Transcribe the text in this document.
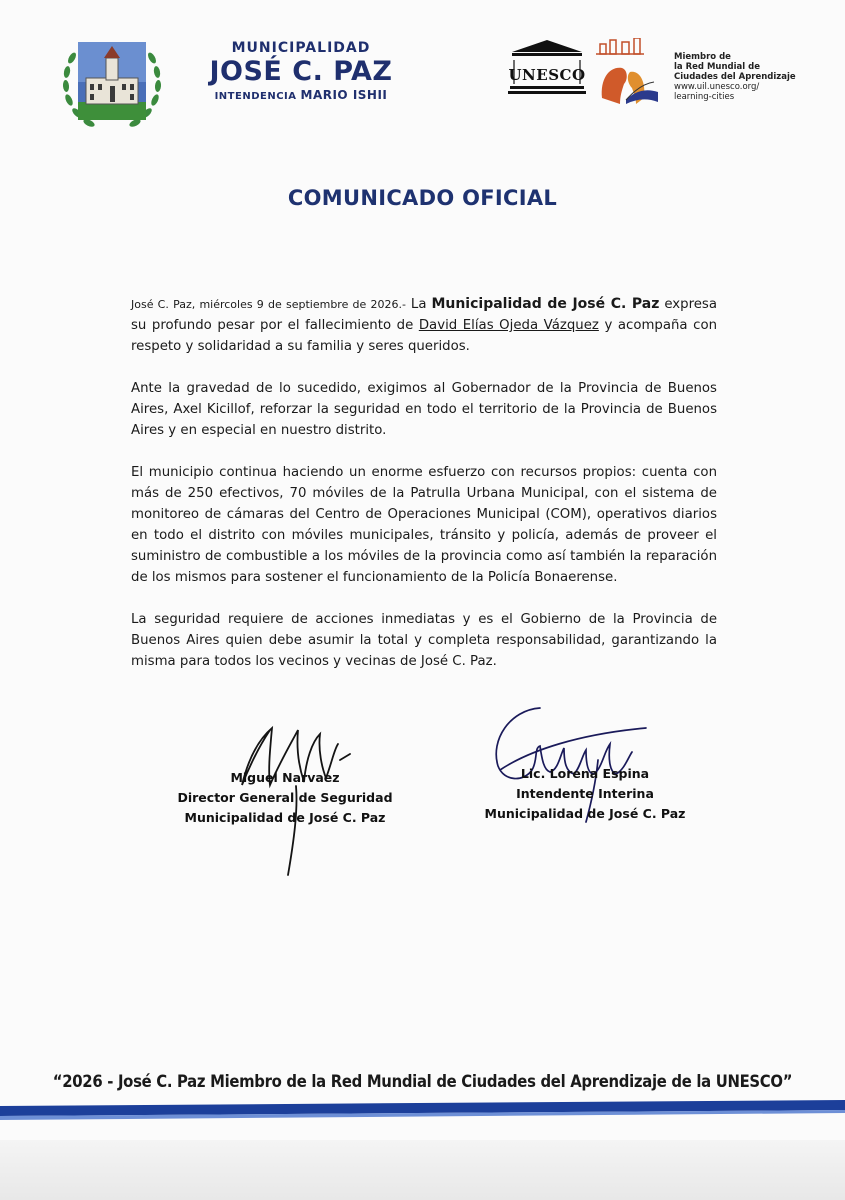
MUNICIPALIDAD
JOSÉ C. PAZ
INTENDENCIA MARIO ISHII
UNESCO
Miembro de
la Red Mundial de
Ciudades del Aprendizaje
www.uil.unesco.org/
learning-cities
COMUNICADO OFICIAL

José C. Paz, miércoles 9 de septiembre de 2026.- La Municipalidad de José C. Paz expresa su profundo pesar por el fallecimiento de David Elías Ojeda Vázquez y acompaña con respeto y solidaridad a su familia y seres queridos.

Ante la gravedad de lo sucedido, exigimos al Gobernador de la Provincia de Buenos Aires, Axel Kicillof, reforzar la seguridad en todo el territorio de la Provincia de Buenos Aires y en especial en nuestro distrito.

El municipio continua haciendo un enorme esfuerzo con recursos propios: cuenta con más de 250 efectivos, 70 móviles de la Patrulla Urbana Municipal, con el sistema de monitoreo de cámaras del Centro de Operaciones Municipal (COM), operativos diarios en todo el distrito con móviles municipales, tránsito y policía, además de proveer el suministro de combustible a los móviles de la provincia como así también la reparación de los mismos para sostener el funcionamiento de la Policía Bonaerense.

La seguridad requiere de acciones inmediatas y es el Gobierno de la Provincia de Buenos Aires quien debe asumir la total y completa responsabilidad, garantizando la misma para todos los vecinos y vecinas de José C. Paz.

Miguel Narvaez
Director General de Seguridad
Municipalidad de José C. Paz
Lic. Lorena Espina
Intendente Interina
Municipalidad de José C. Paz
“2026 - José C. Paz Miembro de la Red Mundial de Ciudades del Aprendizaje de la UNESCO”
